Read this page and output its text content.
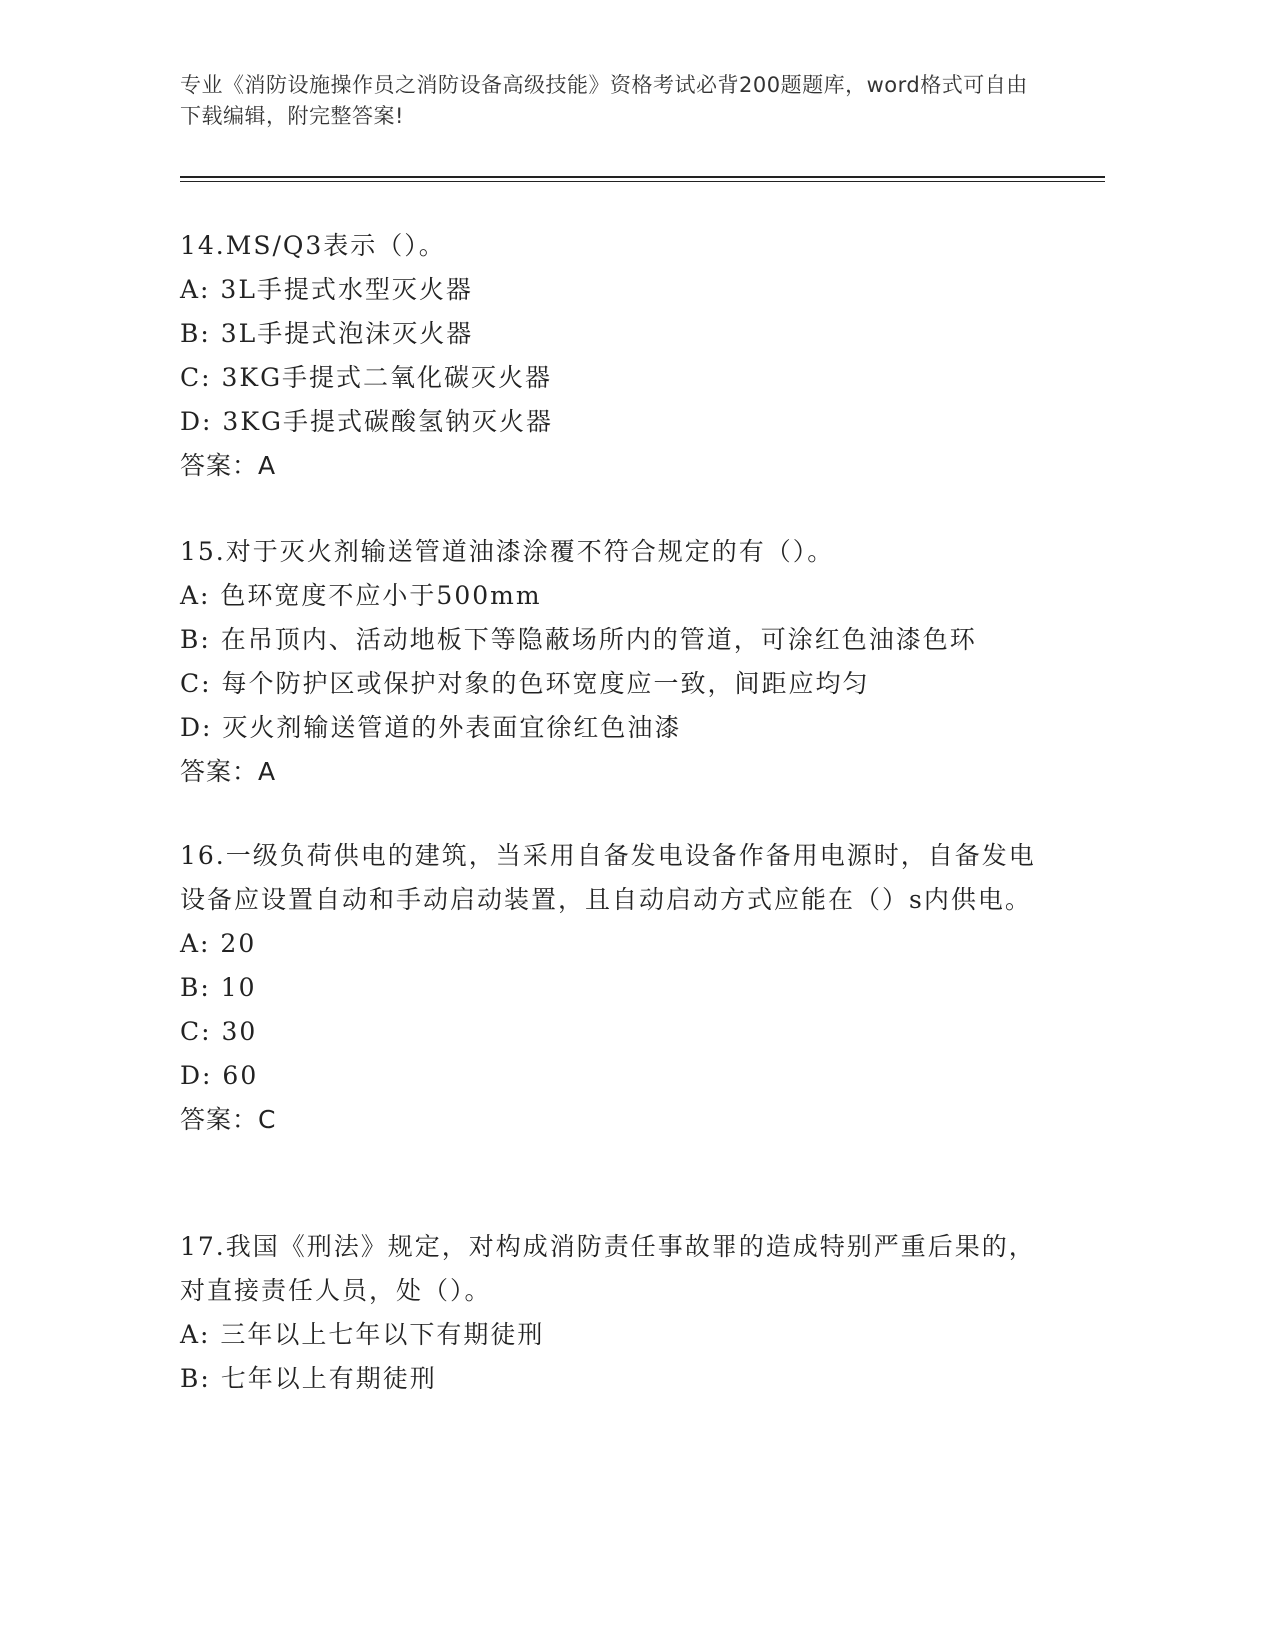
专业《消防设施操作员之消防设备高级技能》资格考试必背200题题库，word格式可自由下载编辑，附完整答案!
14.MS/Q3表示（）。
A: 3L手提式水型灭火器
B: 3L手提式泡沫灭火器
C: 3KG手提式二氧化碳灭火器
D: 3KG手提式碳酸氢钠灭火器
答案：A
15.对于灭火剂输送管道油漆涂覆不符合规定的有（）。
A: 色环宽度不应小于500mm
B: 在吊顶内、活动地板下等隐蔽场所内的管道，可涂红色油漆色环
C: 每个防护区或保护对象的色环宽度应一致，间距应均匀
D: 灭火剂输送管道的外表面宜徐红色油漆
答案：A
16.一级负荷供电的建筑，当采用自备发电设备作备用电源时，自备发电设备应设置自动和手动启动装置，且自动启动方式应能在（）s内供电。
A: 20
B: 10
C: 30
D: 60
答案：C
17.我国《刑法》规定，对构成消防责任事故罪的造成特别严重后果的，对直接责任人员，处（）。
A: 三年以上七年以下有期徒刑
B: 七年以上有期徒刑
